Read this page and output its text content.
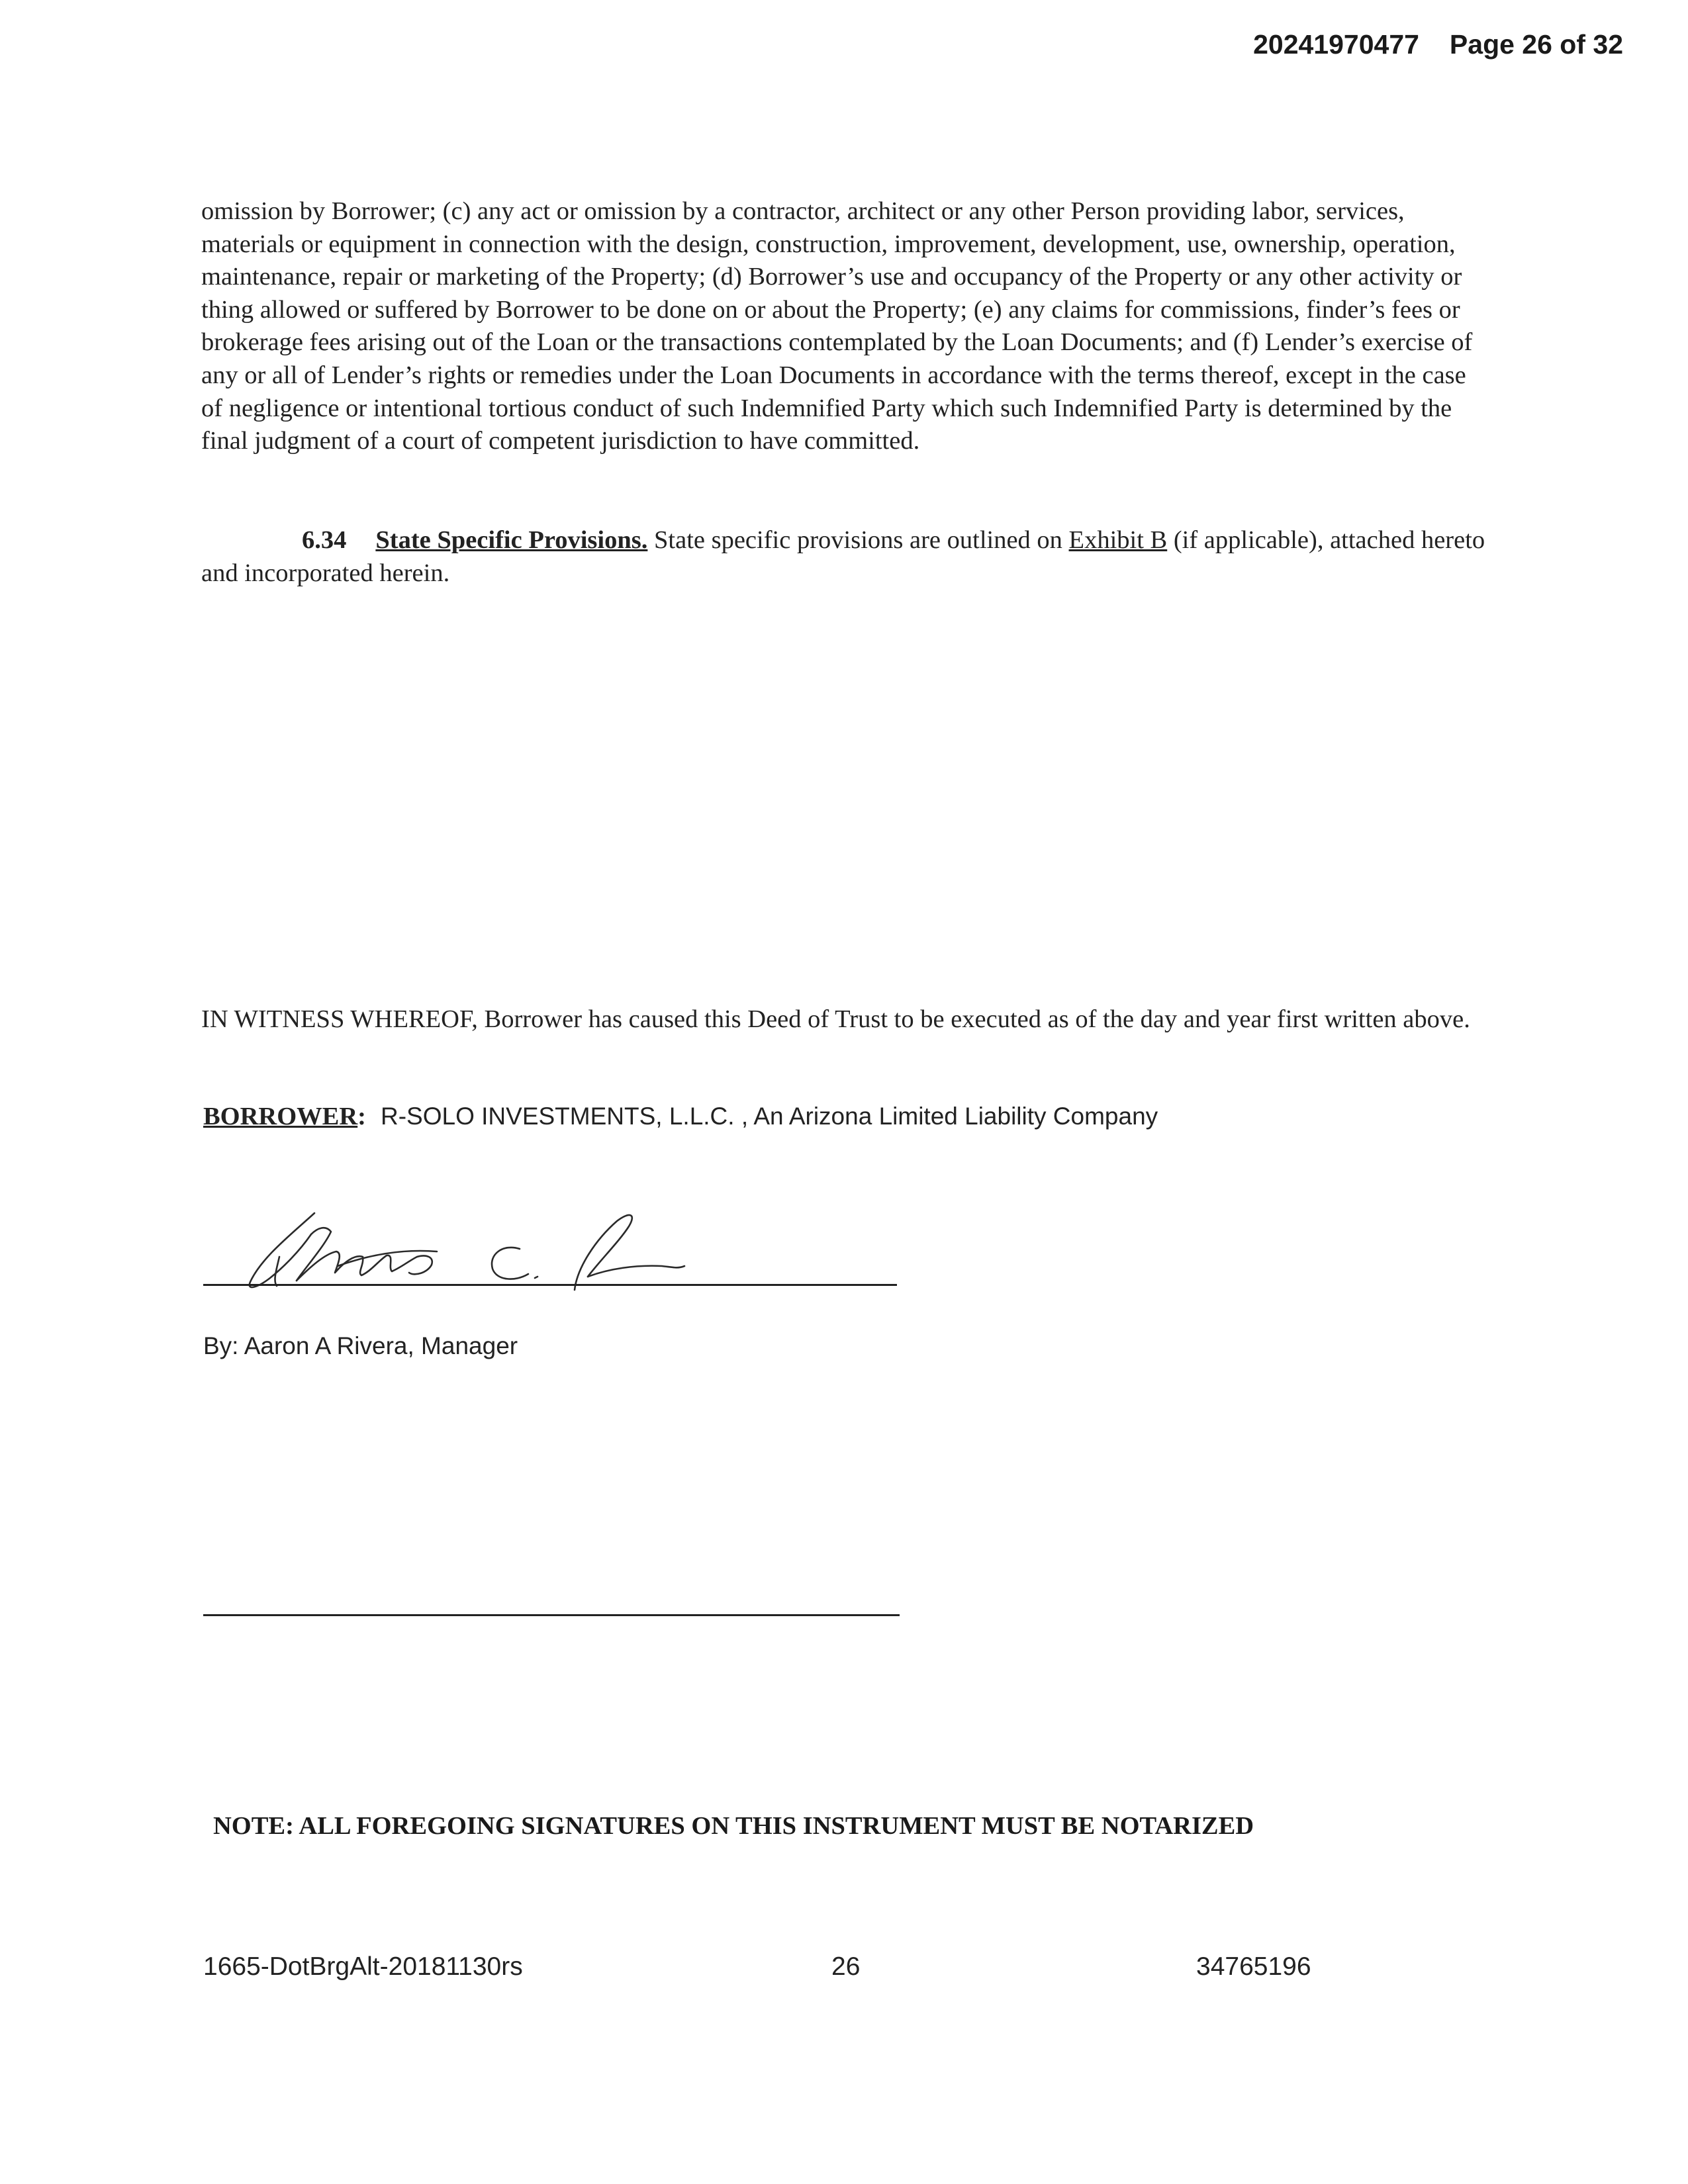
20241970477 Page 26 of 32
omission by Borrower; (c) any act or omission by a contractor, architect or any other Person providing labor, services, materials or equipment in connection with the design, construction, improvement, development, use, ownership, operation, maintenance, repair or marketing of the Property; (d) Borrower’s use and occupancy of the Property or any other activity or thing allowed or suffered by Borrower to be done on or about the Property; (e) any claims for commissions, finder’s fees or brokerage fees arising out of the Loan or the transactions contemplated by the Loan Documents; and (f) Lender’s exercise of any or all of Lender’s rights or remedies under the Loan Documents in accordance with the terms thereof, except in the case of negligence or intentional tortious conduct of such Indemnified Party which such Indemnified Party is determined by the final judgment of a court of competent jurisdiction to have committed.
6.34 State Specific Provisions. State specific provisions are outlined on Exhibit B (if applicable), attached hereto and incorporated herein.
IN WITNESS WHEREOF, Borrower has caused this Deed of Trust to be executed as of the day and year first written above.
BORROWER: R-SOLO INVESTMENTS, L.L.C. , An Arizona Limited Liability Company
By: Aaron A Rivera, Manager
NOTE: ALL FOREGOING SIGNATURES ON THIS INSTRUMENT MUST BE NOTARIZED
1665-DotBrgAlt-20181130rs	26	34765196
